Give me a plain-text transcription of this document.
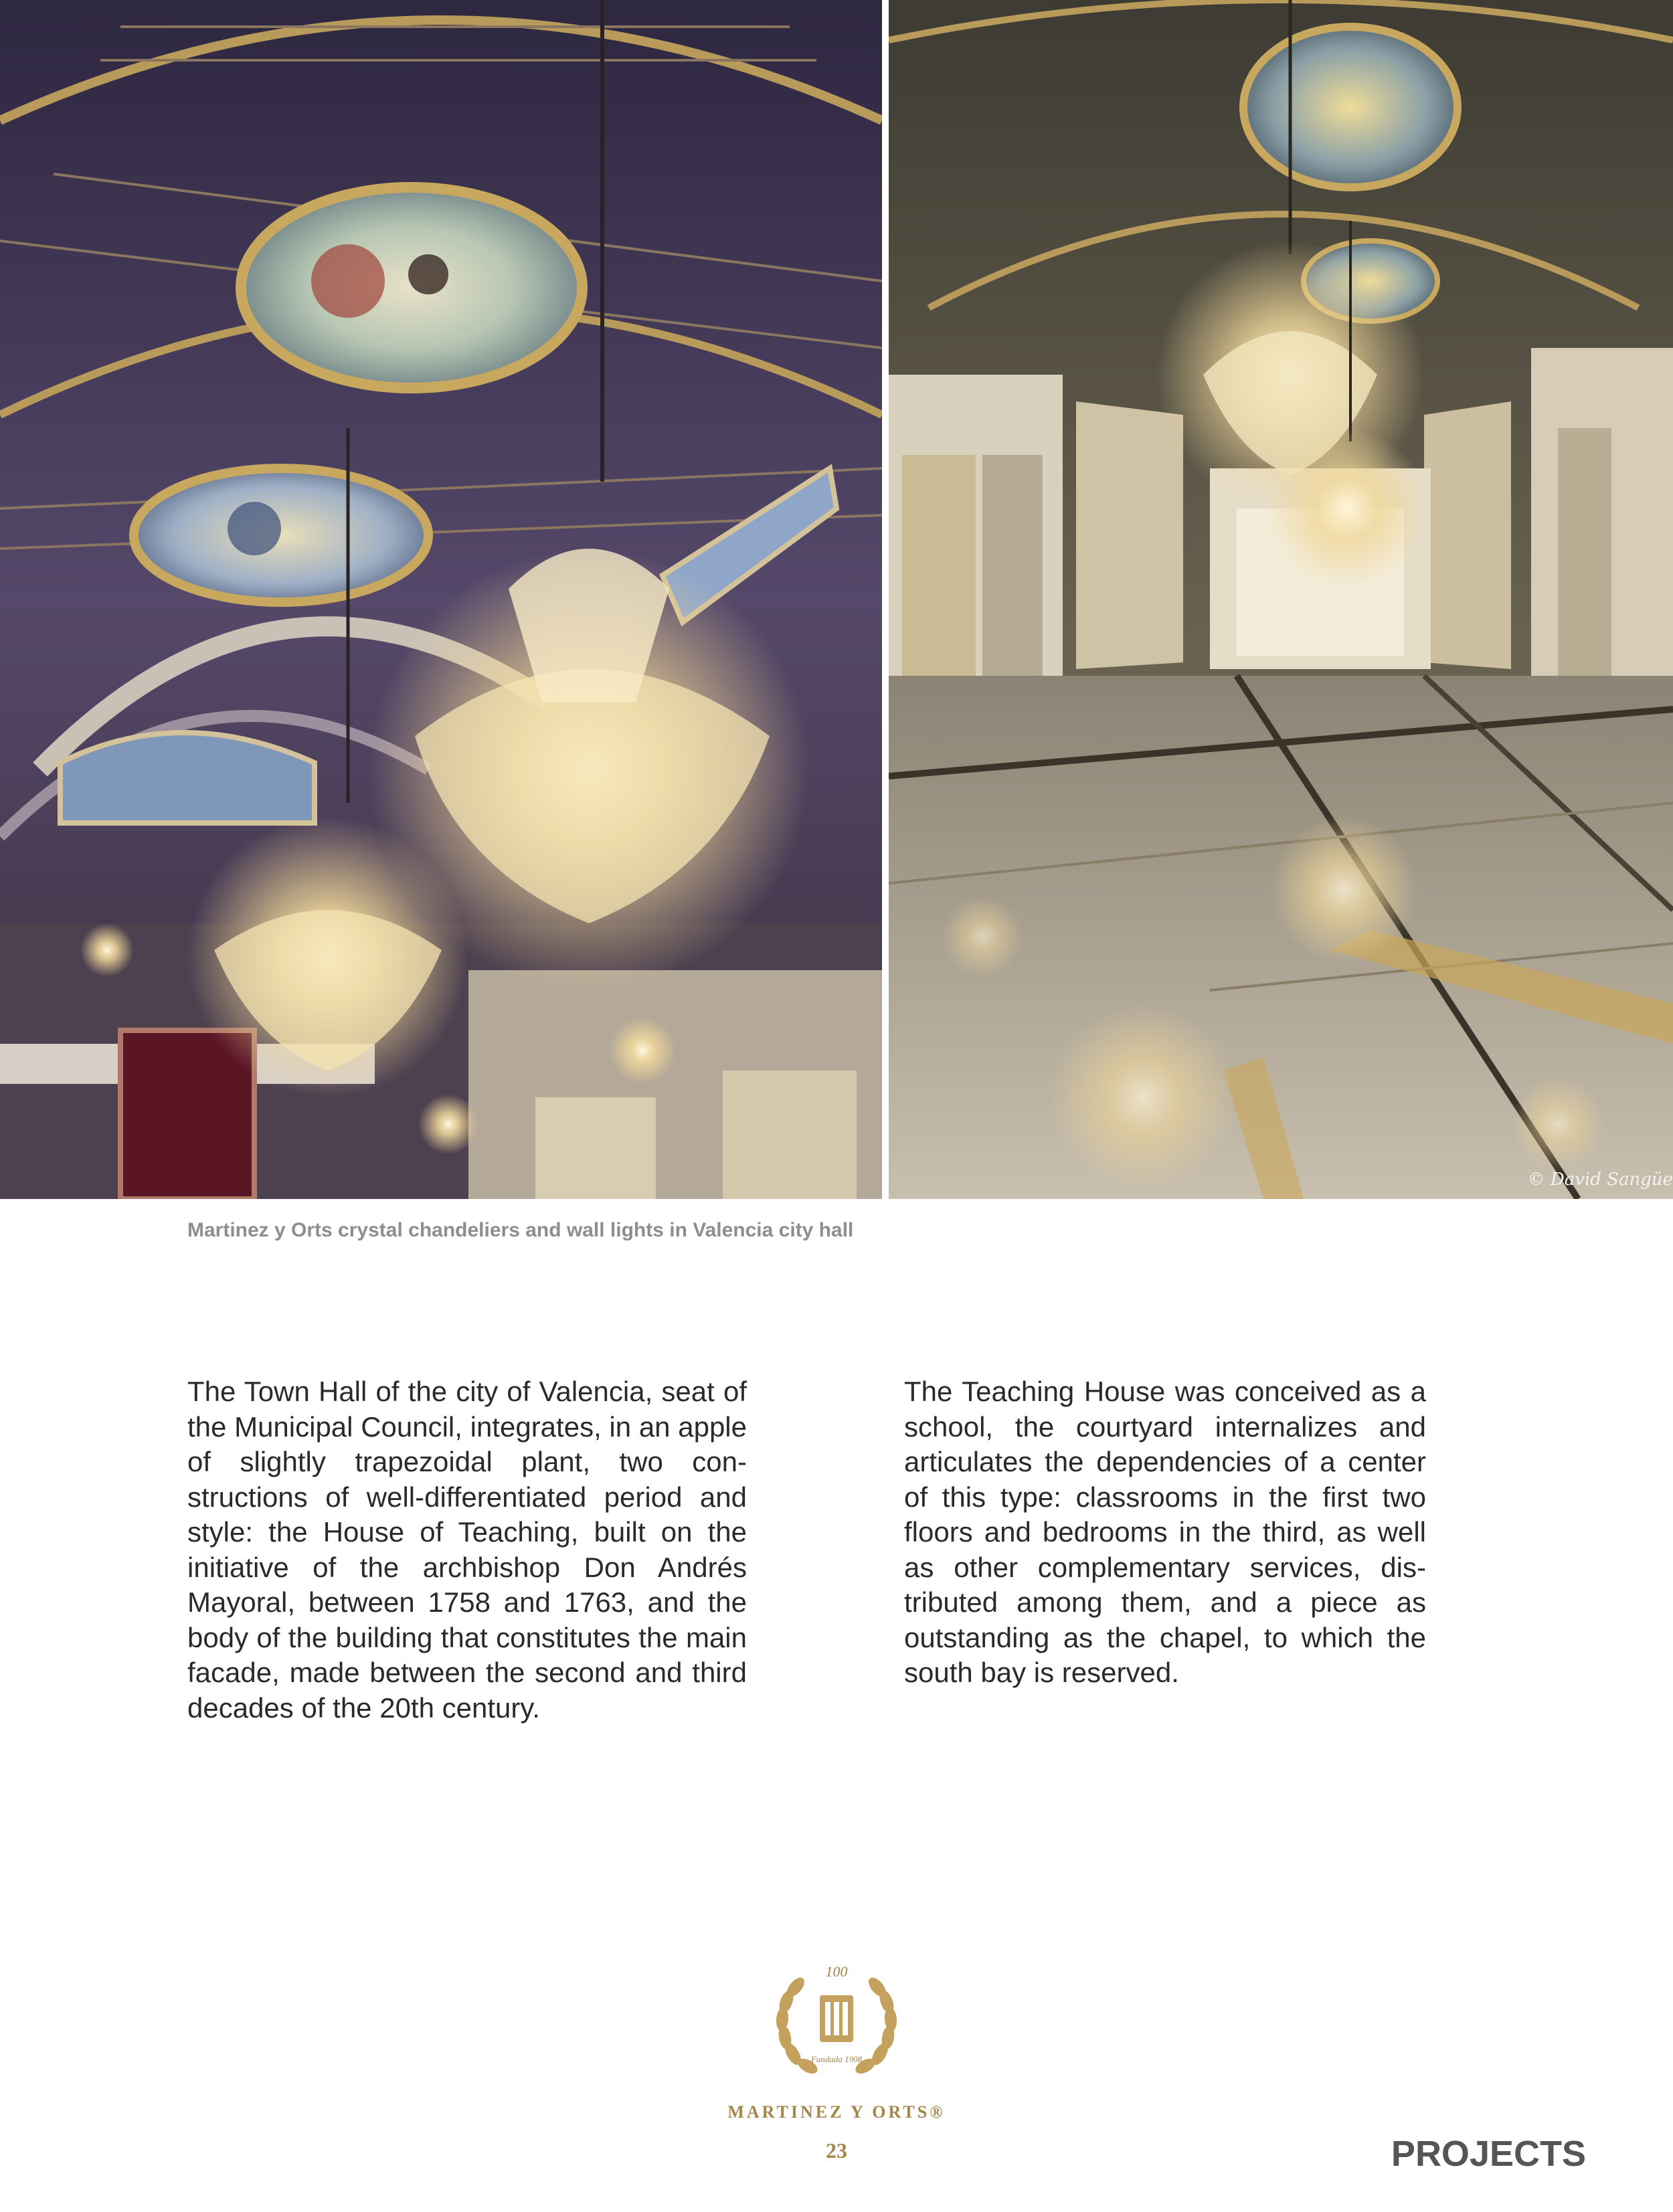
© David Sangüe
Martinez y Orts crystal chandeliers and wall lights in Valencia city hall
The Town Hall of the city of Valencia, seat of the Municipal Council, integrates, in an apple of slightly trapezoidal plant, two constructions of well-differentiated period and style: the House of Teaching, built on the initiative of the archbishop Don Andrés Mayoral, between 1758 and 1763, and the body of the building that constitutes the main facade, made between the second and third decades of the 20th century.
The Teaching House was conceived as a school, the courtyard internalizes and articulates the dependencies of a center of this type: classrooms in the first two floors and bedrooms in the third, as well as other complementary services, distributed among them, and a piece as outstanding as the chapel, to which the south bay is reserved.
100
Fundada 1908
MARTINEZ Y ORTS®
23	PROJECTS
